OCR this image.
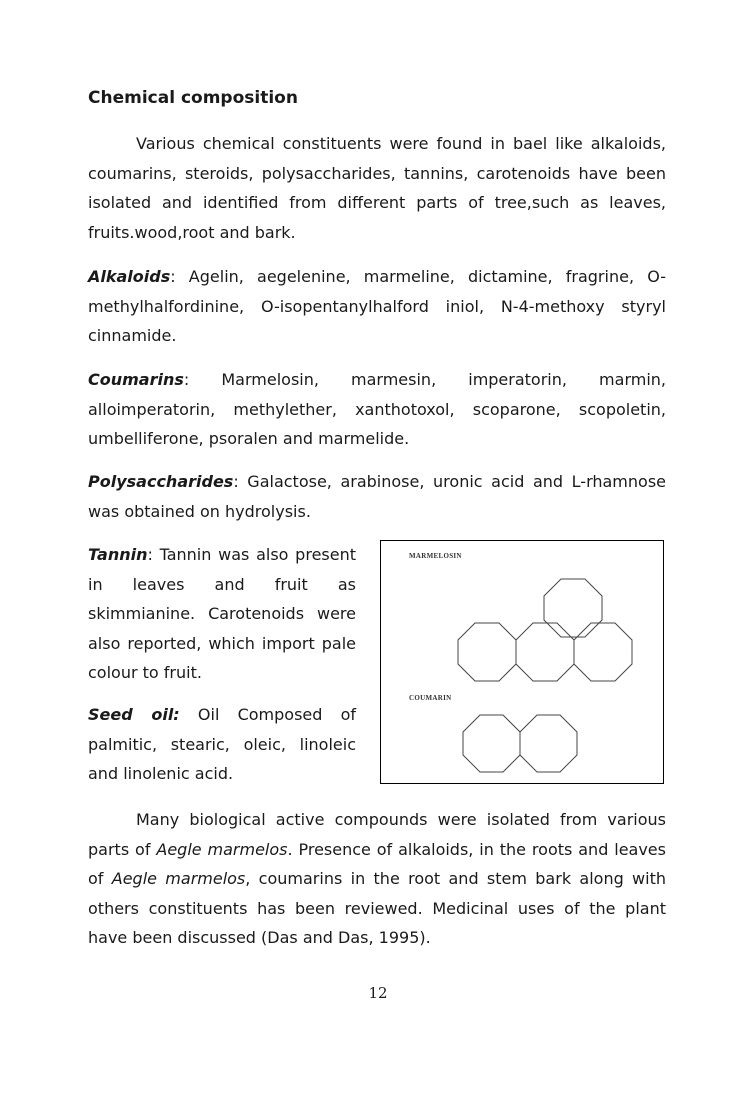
Chemical composition

Various chemical constituents were found in bael like alkaloids, coumarins, steroids, polysaccharides, tannins, carotenoids have been isolated and identified from different parts of tree,such as leaves, fruits.wood,root and bark.

Alkaloids: Agelin, aegelenine, marmeline, dictamine, fragrine, O-methylhalfordinine, O-isopentanylhalford iniol, N-4-methoxy styryl cinnamide.

Coumarins: Marmelosin, marmesin, imperatorin, marmin, alloimperatorin, methylether, xanthotoxol, scoparone, scopoletin, umbelliferone, psoralen and marmelide.

Polysaccharides: Galactose, arabinose, uronic acid and L-rhamnose was obtained on hydrolysis.

Tannin: Tannin was also present in leaves and fruit as skimmianine. Carotenoids were also reported, which import pale colour to fruit.

Seed oil: Oil Composed of palmitic, stearic, oleic, linoleic and linolenic acid.

MARMELOSIN
COUMARIN

Many biological active compounds were isolated from various parts of Aegle marmelos. Presence of alkaloids, in the roots and leaves of Aegle marmelos, coumarins in the root and stem bark along with others constituents has been reviewed. Medicinal uses of the plant have been discussed (Das and Das, 1995).

12
